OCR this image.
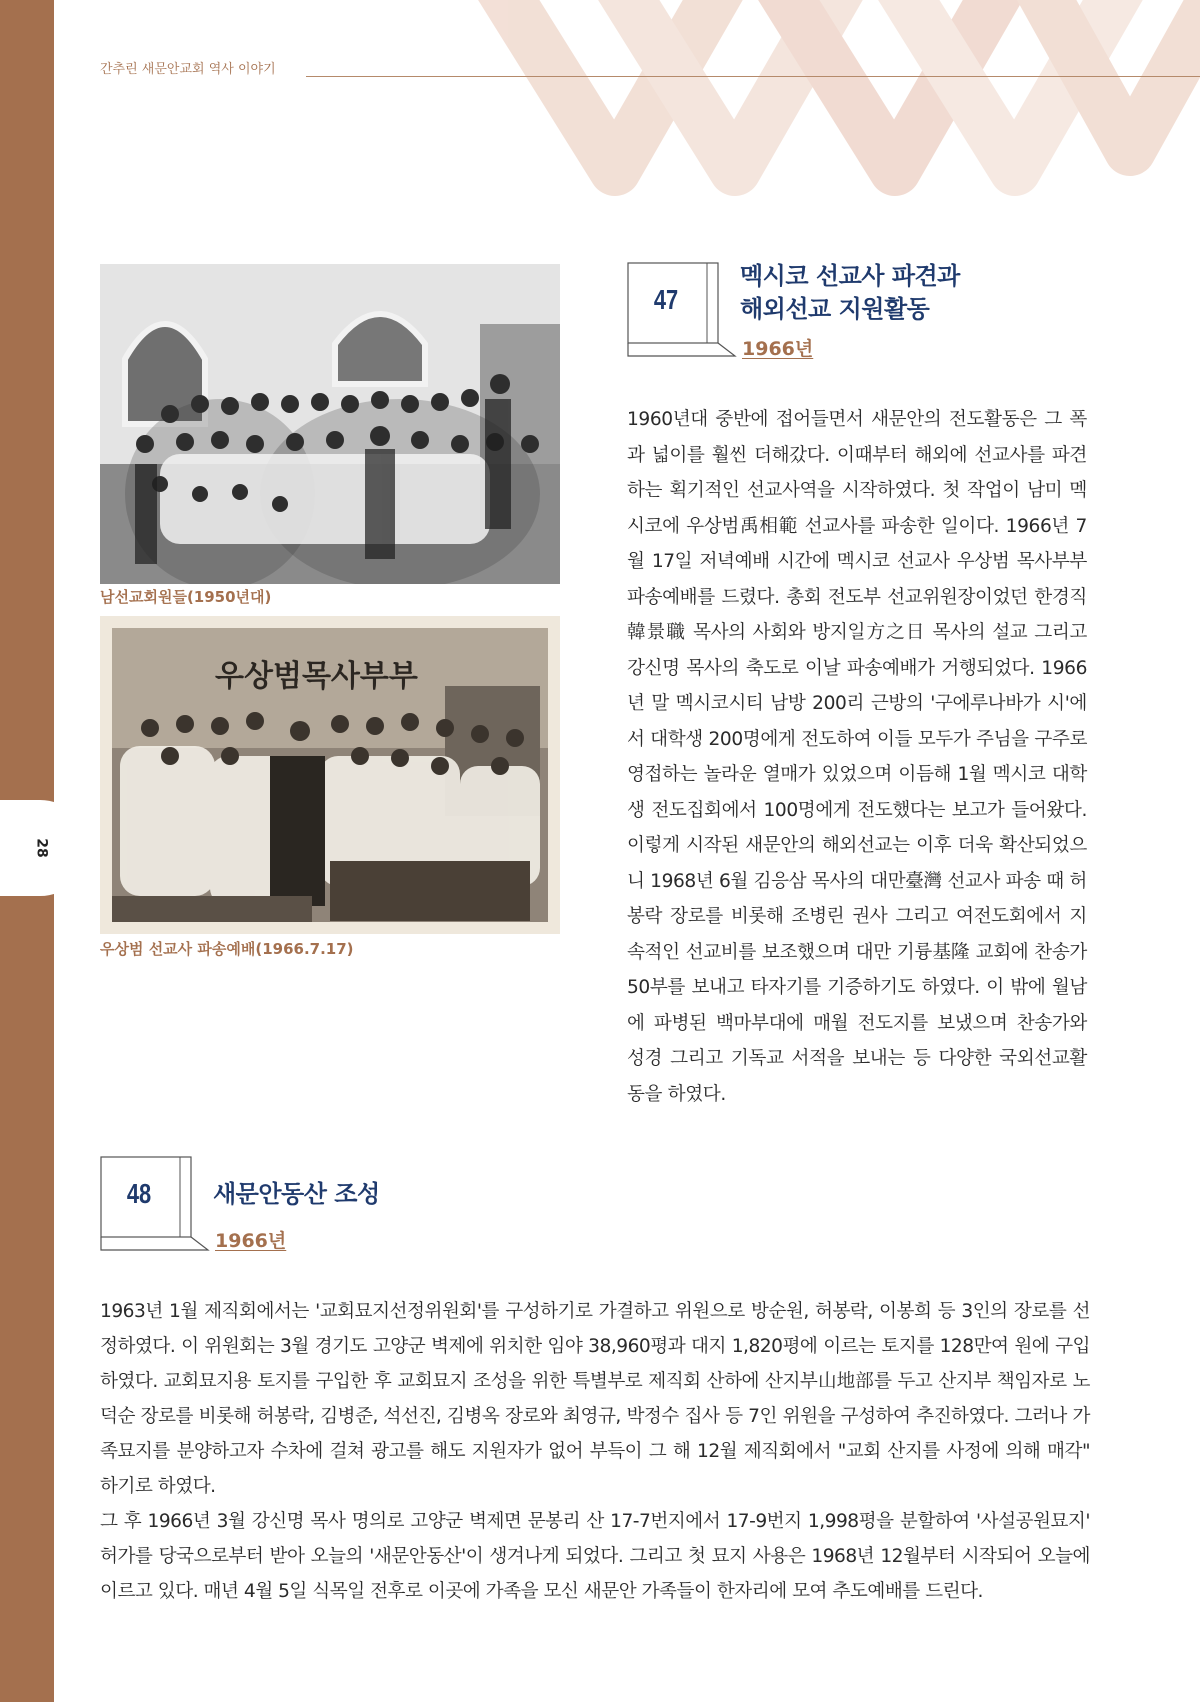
28
간추린 새문안교회 역사 이야기
남선교회원들(1950년대)
우상범목사부부
우상범 선교사 파송예배(1966.7.17)
47
멕시코 선교사 파견과
해외선교 지원활동
1966년

1960년대 중반에 접어들면서 새문안의 전도활동은 그 폭과 넓이를 훨씬 더해갔다. 이때부터 해외에 선교사를 파견하는 획기적인 선교사역을 시작하였다. 첫 작업이 남미 멕시코에 우상범禹相範 선교사를 파송한 일이다. 1966년 7월 17일 저녁예배 시간에 멕시코 선교사 우상범 목사부부 파송예배를 드렸다. 총회 전도부 선교위원장이었던 한경직韓景職 목사의 사회와 방지일方之日 목사의 설교 그리고 강신명 목사의 축도로 이날 파송예배가 거행되었다. 1966년 말 멕시코시티 남방 200리 근방의 '구에루나바가 시'에서 대학생 200명에게 전도하여 이들 모두가 주님을 구주로 영접하는 놀라운 열매가 있었으며 이듬해 1월 멕시코 대학생 전도집회에서 100명에게 전도했다는 보고가 들어왔다. 이렇게 시작된 새문안의 해외선교는 이후 더욱 확산되었으니 1968년 6월 김응삼 목사의 대만臺灣 선교사 파송 때 허봉락 장로를 비롯해 조병린 권사 그리고 여전도회에서 지속적인 선교비를 보조했으며 대만 기륭基隆 교회에 찬송가 50부를 보내고 타자기를 기증하기도 하였다. 이 밖에 월남에 파병된 백마부대에 매월 전도지를 보냈으며 찬송가와 성경 그리고 기독교 서적을 보내는 등 다양한 국외선교활동을 하였다.

48	새문안동산 조성
1966년

1963년 1월 제직회에서는 '교회묘지선정위원회'를 구성하기로 가결하고 위원으로 방순원, 허봉락, 이봉희 등 3인의 장로를 선정하였다. 이 위원회는 3월 경기도 고양군 벽제에 위치한 임야 38,960평과 대지 1,820평에 이르는 토지를 128만여 원에 구입하였다. 교회묘지용 토지를 구입한 후 교회묘지 조성을 위한 특별부로 제직회 산하에 산지부山地部를 두고 산지부 책임자로 노덕순 장로를 비롯해 허봉락, 김병준, 석선진, 김병옥 장로와 최영규, 박정수 집사 등 7인 위원을 구성하여 추진하였다. 그러나 가족묘지를 분양하고자 수차에 걸쳐 광고를 해도 지원자가 없어 부득이 그 해 12월 제직회에서 "교회 산지를 사정에 의해 매각" 하기로 하였다.

그 후 1966년 3월 강신명 목사 명의로 고양군 벽제면 문봉리 산 17-7번지에서 17-9번지 1,998평을 분할하여 '사설공원묘지' 허가를 당국으로부터 받아 오늘의 '새문안동산'이 생겨나게 되었다. 그리고 첫 묘지 사용은 1968년 12월부터 시작되어 오늘에 이르고 있다. 매년 4월 5일 식목일 전후로 이곳에 가족을 모신 새문안 가족들이 한자리에 모여 추도예배를 드린다.
